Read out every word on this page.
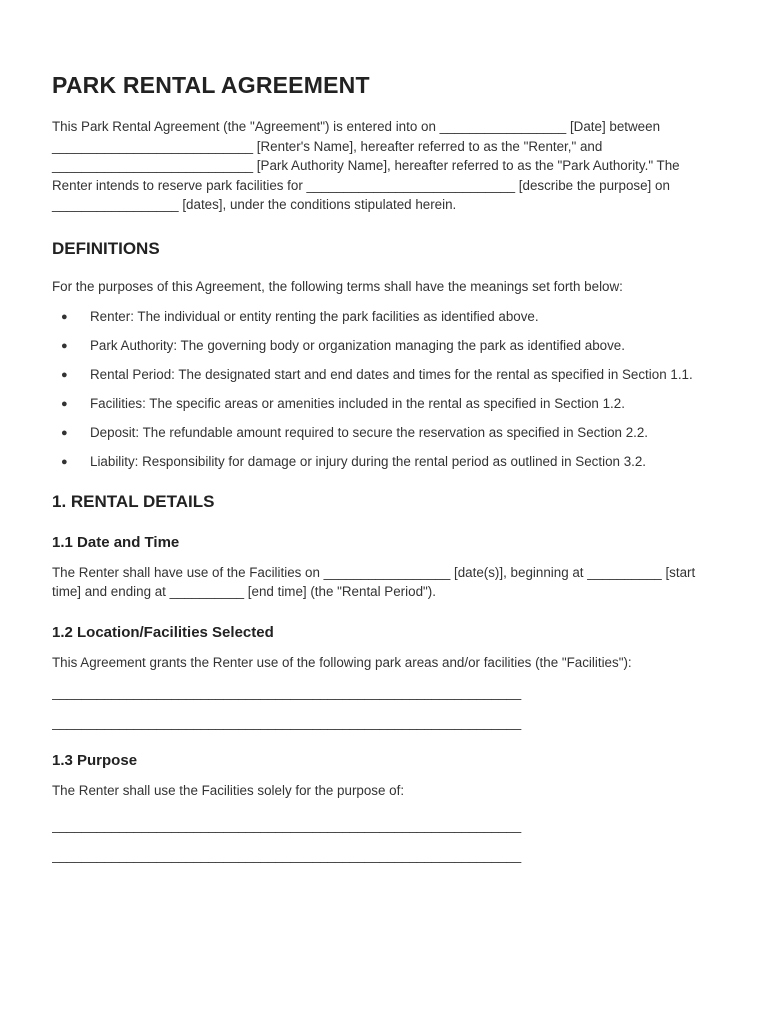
PARK RENTAL AGREEMENT

This Park Rental Agreement (the "Agreement") is entered into on _________________ [Date] between ___________________________ [Renter's Name], hereafter referred to as the "Renter," and ___________________________ [Park Authority Name], hereafter referred to as the "Park Authority." The Renter intends to reserve park facilities for ____________________________ [describe the purpose] on _________________ [dates], under the conditions stipulated herein.

DEFINITIONS

For the purposes of this Agreement, the following terms shall have the meanings set forth below:

● Renter: The individual or entity renting the park facilities as identified above.
● Park Authority: The governing body or organization managing the park as identified above.
● Rental Period: The designated start and end dates and times for the rental as specified in Section 1.1.
● Facilities: The specific areas or amenities included in the rental as specified in Section 1.2.
● Deposit: The refundable amount required to secure the reservation as specified in Section 2.2.
● Liability: Responsibility for damage or injury during the rental period as outlined in Section 3.2.
1. RENTAL DETAILS
1.1 Date and Time

The Renter shall have use of the Facilities on _________________ [date(s)], beginning at __________ [start time] and ending at __________ [end time] (the "Rental Period").

1.2 Location/Facilities Selected

This Agreement grants the Renter use of the following park areas and/or facilities (the "Facilities"):

_______________________________________________________________
_______________________________________________________________
1.3 Purpose

The Renter shall use the Facilities solely for the purpose of:

_______________________________________________________________
_______________________________________________________________
